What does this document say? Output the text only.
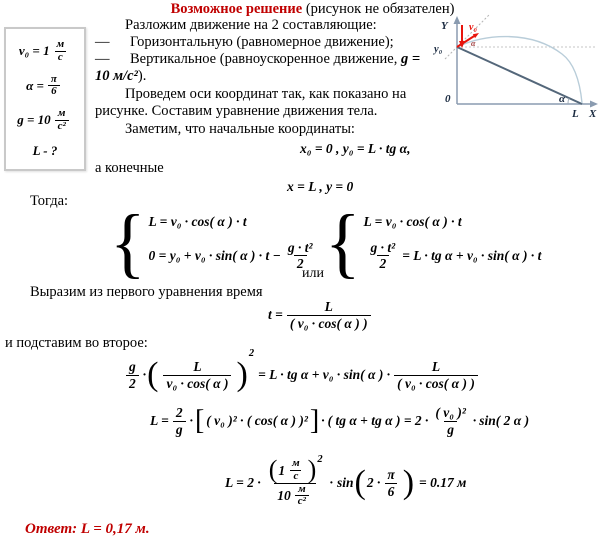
Возможное решение (рисунок не обязателен)
$v_0 = 1 \frac{м}{с}$
$\alpha = \frac{\pi}{6}$
$g = 10 \frac{м}{\text{с²}}$
L - ?
Разложим движение на 2 составляющие:
— Горизонтальную (равномерное движение);
— Вертикальное (равноускоренное движение, g = 10 м/с²).
Проведем оси координат так, как показано на рисунке. Составим уравнение движения тела.
Заметим, что начальные координаты:
x₀ = 0 , y₀ = L · tg α ,
а конечные
x = L , y = 0
Тогда: { L = v₀ · cos( α ) · t
0 = y₀ + v₀ · sin( α ) · $t - \frac{\text{g · t²}}{2}$
или { L = v₀ · cos( α ) · t
$\frac{\text{g · t²}}{2} = L$ · tg α + v₀ · sin( α ) · t
Выразим из первого уравнения время
$t = \frac{L}{\text{( v₀ · cos( α ) )}}$
и подставим во второе:
$\frac{g}{2}$ · ( $\frac{L}{\text{v₀ · cos( α )}}$ )
2
= L · tg α + v₀ · sin( α ) · $\frac{L}{\text{( v₀ · cos( α ) )}}$
$L = \frac{2}{g}$ · [ ( v₀ )² · ( cos( α ) )² ] · ( tg α + tg α ) = $2 \cdot \frac{\text{( v₀ )²}}{g} \cdot \sin$( 2 α )
L = 2 · ( $1 \frac{м}{с}$ ) 2
$10 \frac{м}{\text{с²}}$
· sin ( $2 \cdot \frac{\pi}{6}$ ) = 0.17 м
Ответ: L = 0,17 м.
Y
y₀
v₀
α
0	α
L X
